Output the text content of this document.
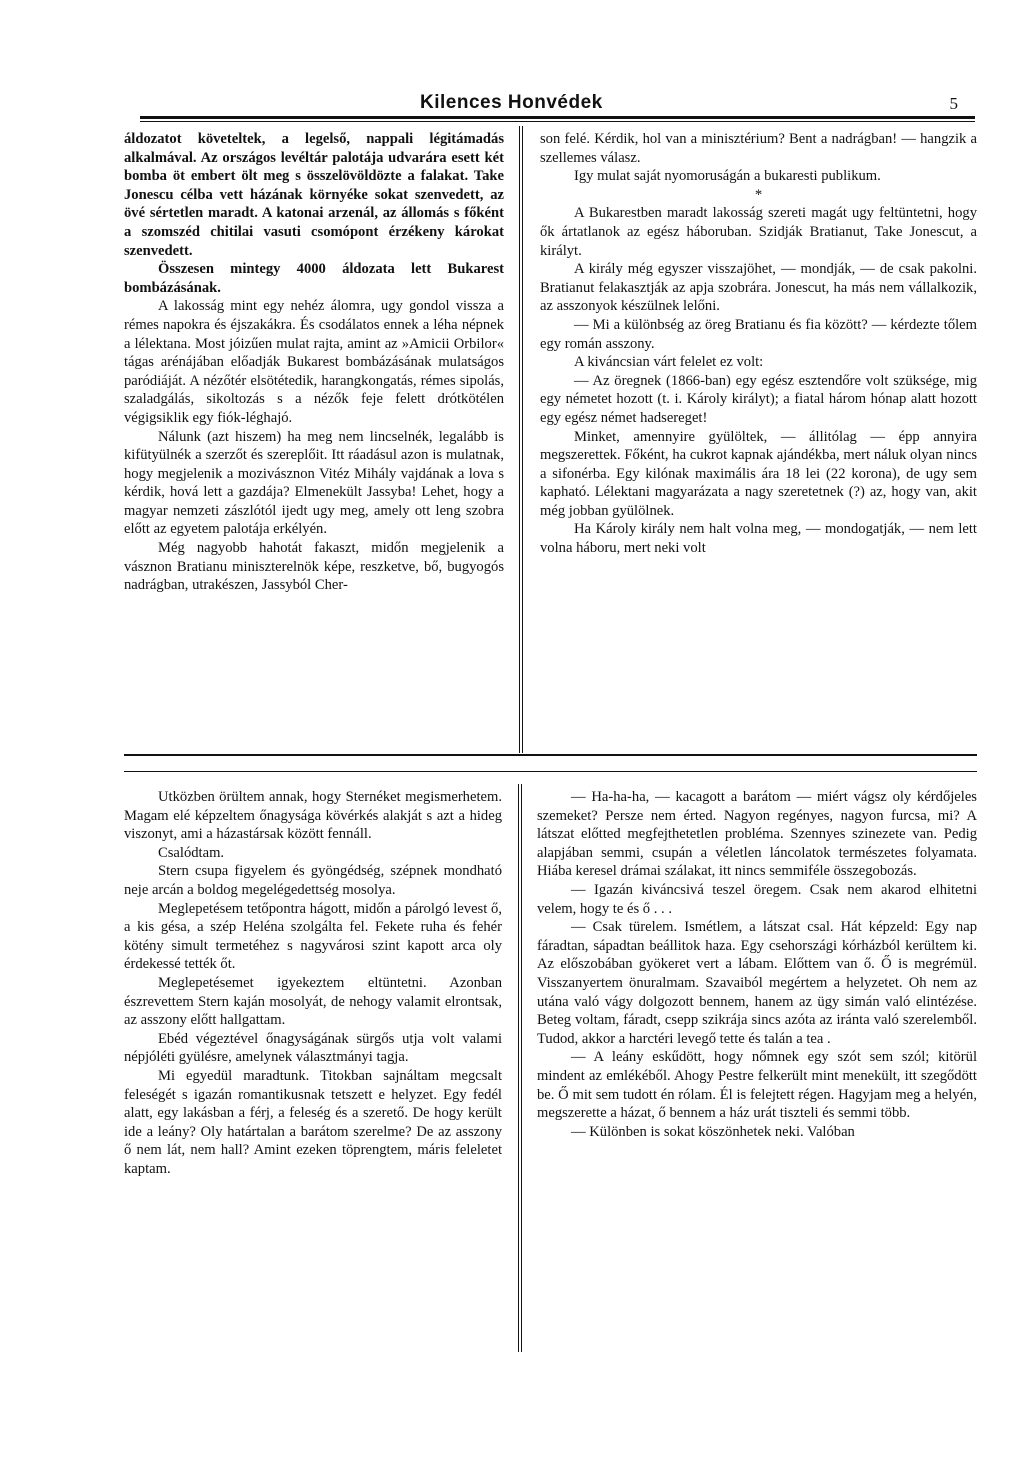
Kilences Honvédek	5

áldozatot követeltek, a legelső, nappali légitámadás alkalmával. Az országos levéltár palotája udvarára esett két bomba öt embert ölt meg s összelövöldözte a falakat. Take Jonescu célba vett házának környéke sokat szenvedett, az övé sértetlen maradt. A katonai arzenál, az állomás s főként a szomszéd chitilai vasuti csomópont érzékeny károkat szenvedett.

Összesen mintegy 4000 áldozata lett Bukarest bombázásának.

A lakosság mint egy nehéz álomra, ugy gondol vissza a rémes napokra és éjszakákra. És csodálatos ennek a léha népnek a lélektana. Most jóizűen mulat rajta, amint az »Amicii Orbilor« tágas arénájában előadják Bukarest bombázásának mulatságos paródiáját. A nézőtér elsötétedik, harangkongatás, rémes sipolás, szaladgálás, sikoltozás s a nézők feje felett drótkötélen végigsiklik egy fiók-léghajó.

Nálunk (azt hiszem) ha meg nem lincselnék, legalább is kifütyülnék a szerzőt és szereplőit. Itt ráadásul azon is mulatnak, hogy megjelenik a mozivásznon Vitéz Mihály vajdának a lova s kérdik, hová lett a gazdája? Elmenekült Jassyba! Lehet, hogy a magyar nemzeti zászlótól ijedt ugy meg, amely ott leng szobra előtt az egyetem palotája erkélyén.

Még nagyobb hahotát fakaszt, midőn megjelenik a vásznon Bratianu miniszterelnök képe, reszketve, bő, bugyogós nadrágban, utrakészen, Jassyból Cher-

son felé. Kérdik, hol van a minisztérium? Bent a nadrágban! — hangzik a szellemes válasz.

Igy mulat saját nyomoruságán a bukaresti publikum.

*

A Bukarestben maradt lakosság szereti magát ugy feltüntetni, hogy ők ártatlanok az egész háboruban. Szidják Bratianut, Take Jonescut, a királyt.

A király még egyszer visszajöhet, — mondják, — de csak pakolni. Bratianut felakasztják az apja szobrára. Jonescut, ha más nem vállalkozik, az asszonyok készülnek lelőni.

— Mi a különbség az öreg Bratianu és fia között? — kérdezte tőlem egy román asszony.

A kiváncsian várt felelet ez volt:

— Az öregnek (1866-ban) egy egész esztendőre volt szüksége, mig egy németet hozott (t. i. Károly királyt); a fiatal három hónap alatt hozott egy egész német hadsereget!

Minket, amennyire gyülöltek, — állitólag — épp annyira megszerettek. Főként, ha cukrot kapnak ajándékba, mert náluk olyan nincs a sifonérba. Egy kilónak maximális ára 18 lei (22 korona), de ugy sem kapható. Lélektani magyarázata a nagy szeretetnek (?) az, hogy van, akit még jobban gyülölnek.

Ha Károly király nem halt volna meg, — mondogatják, — nem lett volna háboru, mert neki volt

Utközben örültem annak, hogy Sternéket megismerhetem. Magam elé képzeltem őnagysága kövérkés alakját s azt a hideg viszonyt, ami a házastársak között fennáll.

Csalódtam.

Stern csupa figyelem és gyöngédség, szépnek mondható neje arcán a boldog megelégedettség mosolya.

Meglepetésem tetőpontra hágott, midőn a párolgó levest ő, a kis gésa, a szép Heléna szolgálta fel. Fekete ruha és fehér kötény simult termetéhez s nagyvárosi szint kapott arca oly érdekessé tették őt.

Meglepetésemet igyekeztem eltüntetni. Azonban észrevettem Stern kaján mosolyát, de nehogy valamit elrontsak, az asszony előtt hallgattam.

Ebéd végeztével őnagyságának sürgős utja volt valami népjóléti gyülésre, amelynek választmányi tagja.

Mi egyedül maradtunk. Titokban sajnáltam megcsalt feleségét s igazán romantikusnak tetszett e helyzet. Egy fedél alatt, egy lakásban a férj, a feleség és a szerető. De hogy került ide a leány? Oly határtalan a barátom szerelme? De az asszony ő nem lát, nem hall? Amint ezeken töprengtem, máris feleletet kaptam.

— Ha-ha-ha, — kacagott a barátom — miért vágsz oly kérdőjeles szemeket? Persze nem érted. Nagyon regényes, nagyon furcsa, mi? A látszat előtted megfejthetetlen probléma. Szennyes szinezete van. Pedig alapjában semmi, csupán a véletlen láncolatok természetes folyamata. Hiába keresel drámai szálakat, itt nincs semmiféle összegobozás.

— Igazán kiváncsivá teszel öregem. Csak nem akarod elhitetni velem, hogy te és ő . . .

— Csak türelem. Ismétlem, a látszat csal. Hát képzeld: Egy nap fáradtan, sápadtan beállitok haza. Egy csehországi kórházból kerültem ki. Az előszobában gyökeret vert a lábam. Előttem van ő. Ő is megrémül. Visszanyertem önuralmam. Szavaiból megértem a helyzetet. Oh nem az utána való vágy dolgozott bennem, hanem az ügy simán való elintézése. Beteg voltam, fáradt, csepp szikrája sincs azóta az iránta való szerelemből. Tudod, akkor a harctéri levegő tette és talán a tea .

— A leány eskűdött, hogy nőmnek egy szót sem szól; kitörül mindent az emlékéből. Ahogy Pestre felkerült mint menekült, itt szegődött be. Ő mit sem tudott én rólam. Él is felejtett régen. Hagyjam meg a helyén, megszerette a házat, ő bennem a ház urát tiszteli és semmi több.

— Különben is sokat köszönhetek neki. Valóban
